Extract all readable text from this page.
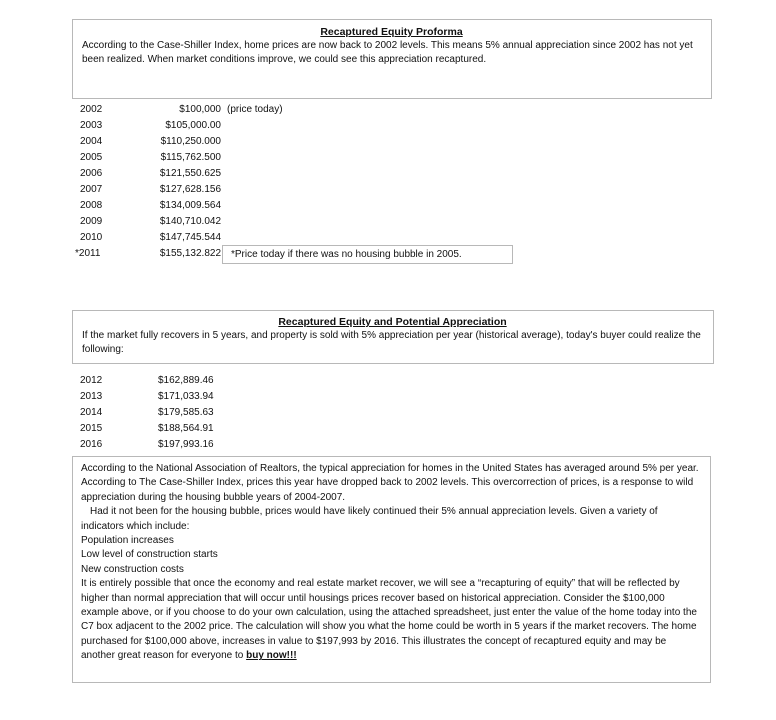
Recaptured Equity Proforma

According to the Case-Shiller Index, home prices are now back to 2002 levels. This means 5% annual appreciation since 2002 has not yet been realized. When market conditions improve, we could see this appreciation recaptured.

2002	$100,000 (price today)
2003	$105,000.00
2004	$110,250.000
2005	$115,762.500
2006	$121,550.625
2007	$127,628.156
2008	$134,009.564
2009	$140,710.042
2010	$147,745.544
*2011	$155,132.822	*Price today if there was no housing bubble in 2005.
Recaptured Equity and Potential Appreciation

If the market fully recovers in 5 years, and property is sold with 5% appreciation per year (historical average), today's buyer could realize the following:

2012	$162,889.46
2013	$171,033.94
2014	$179,585.63
2015	$188,564.91
2016	$197,993.16

According to the National Association of Realtors, the typical appreciation for homes in the United States has averaged around 5% per year. According to The Case-Shiller Index, prices this year have dropped back to 2002 levels. This overcorrection of prices, is a response to wild appreciation during the housing bubble years of 2004-2007.

Had it not been for the housing bubble, prices would have likely continued their 5% annual appreciation levels. Given a variety of indicators which include:

Population increases

Low level of construction starts

New construction costs

It is entirely possible that once the economy and real estate market recover, we will see a “recapturing of equity” that will be reflected by higher than normal appreciation that will occur until housings prices recover based on historical appreciation. Consider the $100,000 example above, or if you choose to do your own calculation, using the attached spreadsheet, just enter the value of the home today into the C7 box adjacent to the 2002 price. The calculation will show you what the home could be worth in 5 years if the market recovers. The home purchased for $100,000 above, increases in value to $197,993 by 2016. This illustrates the concept of recaptured equity and may be another great reason for everyone to buy now!!!
